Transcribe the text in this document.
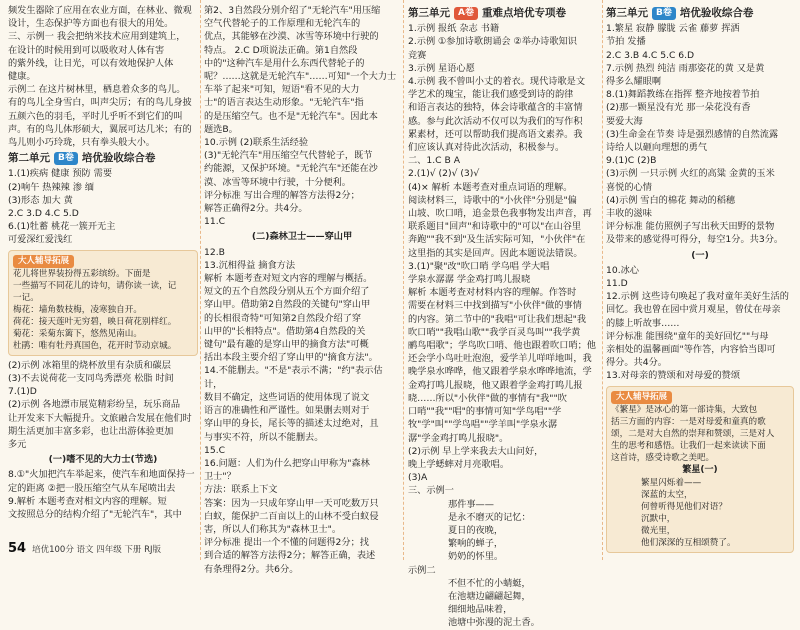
频发生器除了应用在农业方面，在林业、微观

设计，生态保护等方面也有很大的用处。

三、示例一 我会把纳米技术应用到建筑上，

在设计的时候用到可以吸收对人体有害

的紫外线，让日光，可以有效地保护人体

健康。

示例二 在这片树林里，栖息着众多的鸟儿。

有的鸟儿全身雪白，叫声尖厉；有的鸟儿身披

五颜六色的羽毛，平时儿乎听不到它们的叫

声。有的鸟儿体形硕大，翼展可达几米；有的

鸟儿则小巧玲珑，只有拳头般大小。

第二单元 B卷 培优验收综合卷

1.(1)疾病 健康 预防 需要

(2)响午 热辣辣 渗 缅

(3)形态 加大 黄

2.C 3.D 4.C 5.D

6.(1)牡蓄 桃花一簇开无主

可爱深红爱浅红

大人辅导拓展

花儿将世界装扮得五彩缤纷。下面是

一些描写不同花儿的诗句，请你读一读，记

一记。

梅花：墙角数枝梅，凌寒独自开。

荷花：接天莲叶无穷碧，映日荷花别样红。

菊花：采菊东篱下，悠然见南山。

杜鹃：唯有牡丹真国色，花开时节动京城。

(2)示例 冰箱里的烧杯放里有杂质和碳层

(3)不去说荷花一支同鸟秀漂亮 松脂 时间

7.(1)D

(2)示例 各地漂市展览精彩纷呈，玩乐商品

让开发来下大幅提升。文旅融合发展在他们时

期生活更加丰富多彩，也让出游体验更加

多元

(一)嗜不见的大力士(节选)

8.①"火加把汽车举起来，使汽车和地面保持一

定的距离 ②把一股压缩空气从车尾喷出去

9.解析 本题考查对相文内容的理解。短

文按照总分的结构介绍了"无轮汽车"，其中

第2、3自然段分别介绍了"无轮汽车"用压缩

空气代替轮子的工作原理和无轮汽车的

优点，其能够在沙漠、冰雪等环境中行驶的

特点。 2.C D项说法正确。第1自然段

中的"这种汽车是用什么东西代替轮子的

呢？……这就是无轮汽车"……可知"一个大力士

车举了起来"可知，短语"看不见的大力

士"的语言表达生动形象。"无轮汽车"指

的是压缩空气。也不是"无轮汽车"。因此本

题选B。

10.示例 (2)联系生活经验

(3)"无轮汽车"用压缩空气代替轮子，既节

约能源，又保护环境。"无轮汽车"还能在沙

漠、冰雪等环境中行驶，十分便利。

评分标准 写出合理的解答方法得2分；

解答正确得2分。共4分。

11.C

(二)森林卫士——穿山甲

12.B

13.沉相得益 摘食方法

解析 本题考查对短文内容的理解与概括。

短文的五个自然段分别从五个方面介绍了

穿山甲。借助第2自然段的关键句"穿山甲

的长相很奇特"可知第2自然段介绍了穿

山甲的"长相特点"。借助第4自然段的关

键句"最有趣的是穿山甲的摘食方法"可概

括出本段主要介绍了穿山甲的"摘食方法"。

14.不能删去。"不是"表示不满；"约"表示估计，

数目不确定，这些词语的使用体现了说文

语言的准确性和严谨性。如果删去则对于

穿山甲的身长，尾长等的描述太过绝对，且

与事实不符，所以不能删去。

15.C

16.问题：人们为什么把穿山甲称为"森林

卫士"？

方法：联系上下文

答案：因为一只成年穿山甲一天可吃数万只

白蚁，能保护二百亩以上的山林不受白蚁侵

害，所以人们称其为"森林卫士"。

评分标准 提出一个不懂的问题得2分；找

到合适的解答方法得2分；解答正确，表述

有条理得2分。共6分。

第三单元 A卷 重难点培优专项卷

1.示例 报纸 杂志 书籍

2.示例 ①参加诗歌朗诵会 ②举办诗歌知识

竞赛

3.示例 星语心愿

4.示例 我不曾叫小丈的着衣。现代诗歌是文

学艺术的瑰宝，能让我们感受到诗的韵律

和语言表达的独特，体会诗歌蕴含的丰富情

感。参与此次活动不仅可以为我们的写作积

累素材，还可以帮助我们提高语文素养。我

们应该认真对待此次活动，积极参与。

二、1.C B A

2.(1)√ (2)√ (3)√

(4)× 解析 本题考查对重点词语的理解。

阅读材料三，诗歌中的"小伙伴"分别是"偏

山坡、吹口哨，追金景色我事物发出声音，再

联系题目"回声"和诗歌中的"可以"在山谷里

奔跑""我不到"及生活实际可知，"小伙伴"在

这里指的其实是回声。因此本题说法错误。

3.(1)"聚"改"吹口哨 学乌唱 学大唱

学泉水潺潺 学金鸡打鸣儿报晓

解析 本题考查对材料内容的理解。作答时

需要在材料三中找到描写"小伙伴"做的事情

的内容。第二节中的"我唱"可让我们想起"我

吹口哨""我唱山歌""我学百灵鸟叫""我学黄

鹂鸟唱歌"；学鸟吹口哨、他也跟着吹口哨；他

还会学小鸟吐吐泡泡，爱学羊儿咩咩地叫，我

晚学泉水哗哗，他又跟着学泉水哗哗地流，学

金鸡打鸣儿报晓，他又跟着学金鸡打鸣儿报

晓……所以"小伙伴"做的事情有"我""吹

口哨""我""唱"的事情可知"学鸟唱""学

牧"学"叫""学鸟唱""学羊叫"学泉水潺

潺"学金鸡打鸣儿报晓"。

(2)示例 早上学来我去大山问好，

晚上学蟋蟀对月亮歌唱。

(3)A

三、示例一

那件事——

是永不磨灭的记忆：

夏日的夜晚，

繁响的蝉子，

奶奶的怀里。

示例二

不但不忙的小蜻蜓，

在池塘边翩翩起舞，

细细地品味着，

池塘中弥漫的泥土香。

第三单元 B卷 培优验收综合卷

1.繁星 寂静 朦胧 云雀 藤萝 挥洒

节拍 发播

2.C 3.B 4.C 5.C 6.D

7.示例 热烈 纯洁 雨那姿花的黄 又是黄

得多么耀眼啊

8.(1)舞蹈教练在指挥 整齐地按着节拍

(2)那一颗星没有光 那一朵花没有香

要爱大海

(3)生命金在节奏 诗是强烈感情的自然流露

诗给人以砸向理想的勇气

9.(1)C (2)B

(3)示例 一只示例 火红的高粱 金黄的玉米

喜悦的心情

(4)示例 雪白的棉花 舞动的稻穗

丰收的滋味

评分标准 能仿照例子写出秋天田野的景物

及带来的感觉得可得分，每空1分。共3分。

(一)

10.冰心

11.D

12.示例 这些诗句唤起了我对童年美好生活的

回忆。我也曾在园中赏月观星，曾仗在母亲

的膝上听故事……

评分标准 能围绕"童年的美好回忆""与母

亲相处的温馨画面"等作答，内容恰当即可

得分。共4分。

13.对母亲的赞颂和对母爱的赞颂

大人辅导拓展

《繁星》是冰心的第一部诗集，大致包

括三方面的内容：一是对母爱和童真的歌

颂，二是对大自然的崇拜和赞颂，三是对人

生的思考和感悟。让我们一起来读读下面

这首诗，感受诗歌之美吧。

繁星(一)

繁星闪烁着——

深蓝的太空，

何曾听得见他们对语？

沉默中，

微光里，

他们深深的互相颂赞了。

54 培优100分 语文 四年级 下册 RJ版
